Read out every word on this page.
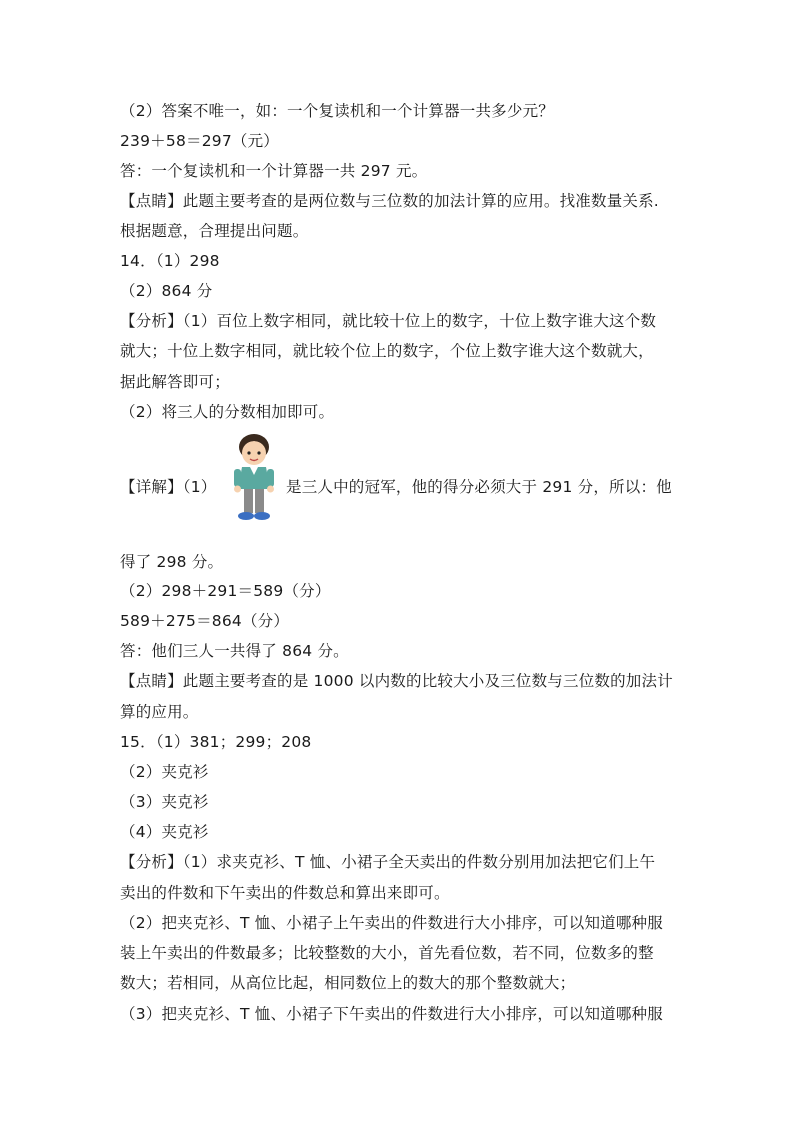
（2）答案不唯一，如：一个复读机和一个计算器一共多少元？
239＋58＝297（元）
答：一个复读机和一个计算器一共 297 元。
【点睛】此题主要考查的是两位数与三位数的加法计算的应用。找准数量关系.
根据题意，合理提出问题。
14．（1）298
（2）864 分
【分析】（1）百位上数字相同，就比较十位上的数字，十位上数字谁大这个数
就大；十位上数字相同，就比较个位上的数字，个位上数字谁大这个数就大，
据此解答即可；
（2）将三人的分数相加即可。
【详解】（1）	是三人中的冠军，他的得分必须大于 291 分，所以：他
得了 298 分。
（2）298＋291＝589（分）
589＋275＝864（分）
答：他们三人一共得了 864 分。
【点睛】此题主要考查的是 1000 以内数的比较大小及三位数与三位数的加法计
算的应用。
15．（1）381；299；208
（2）夹克衫
（3）夹克衫
（4）夹克衫
【分析】（1）求夹克衫、T 恤、小裙子全天卖出的件数分别用加法把它们上午
卖出的件数和下午卖出的件数总和算出来即可。
（2）把夹克衫、T 恤、小裙子上午卖出的件数进行大小排序，可以知道哪种服
装上午卖出的件数最多；比较整数的大小，首先看位数，若不同，位数多的整
数大；若相同，从高位比起，相同数位上的数大的那个整数就大；
（3）把夹克衫、T 恤、小裙子下午卖出的件数进行大小排序，可以知道哪种服
